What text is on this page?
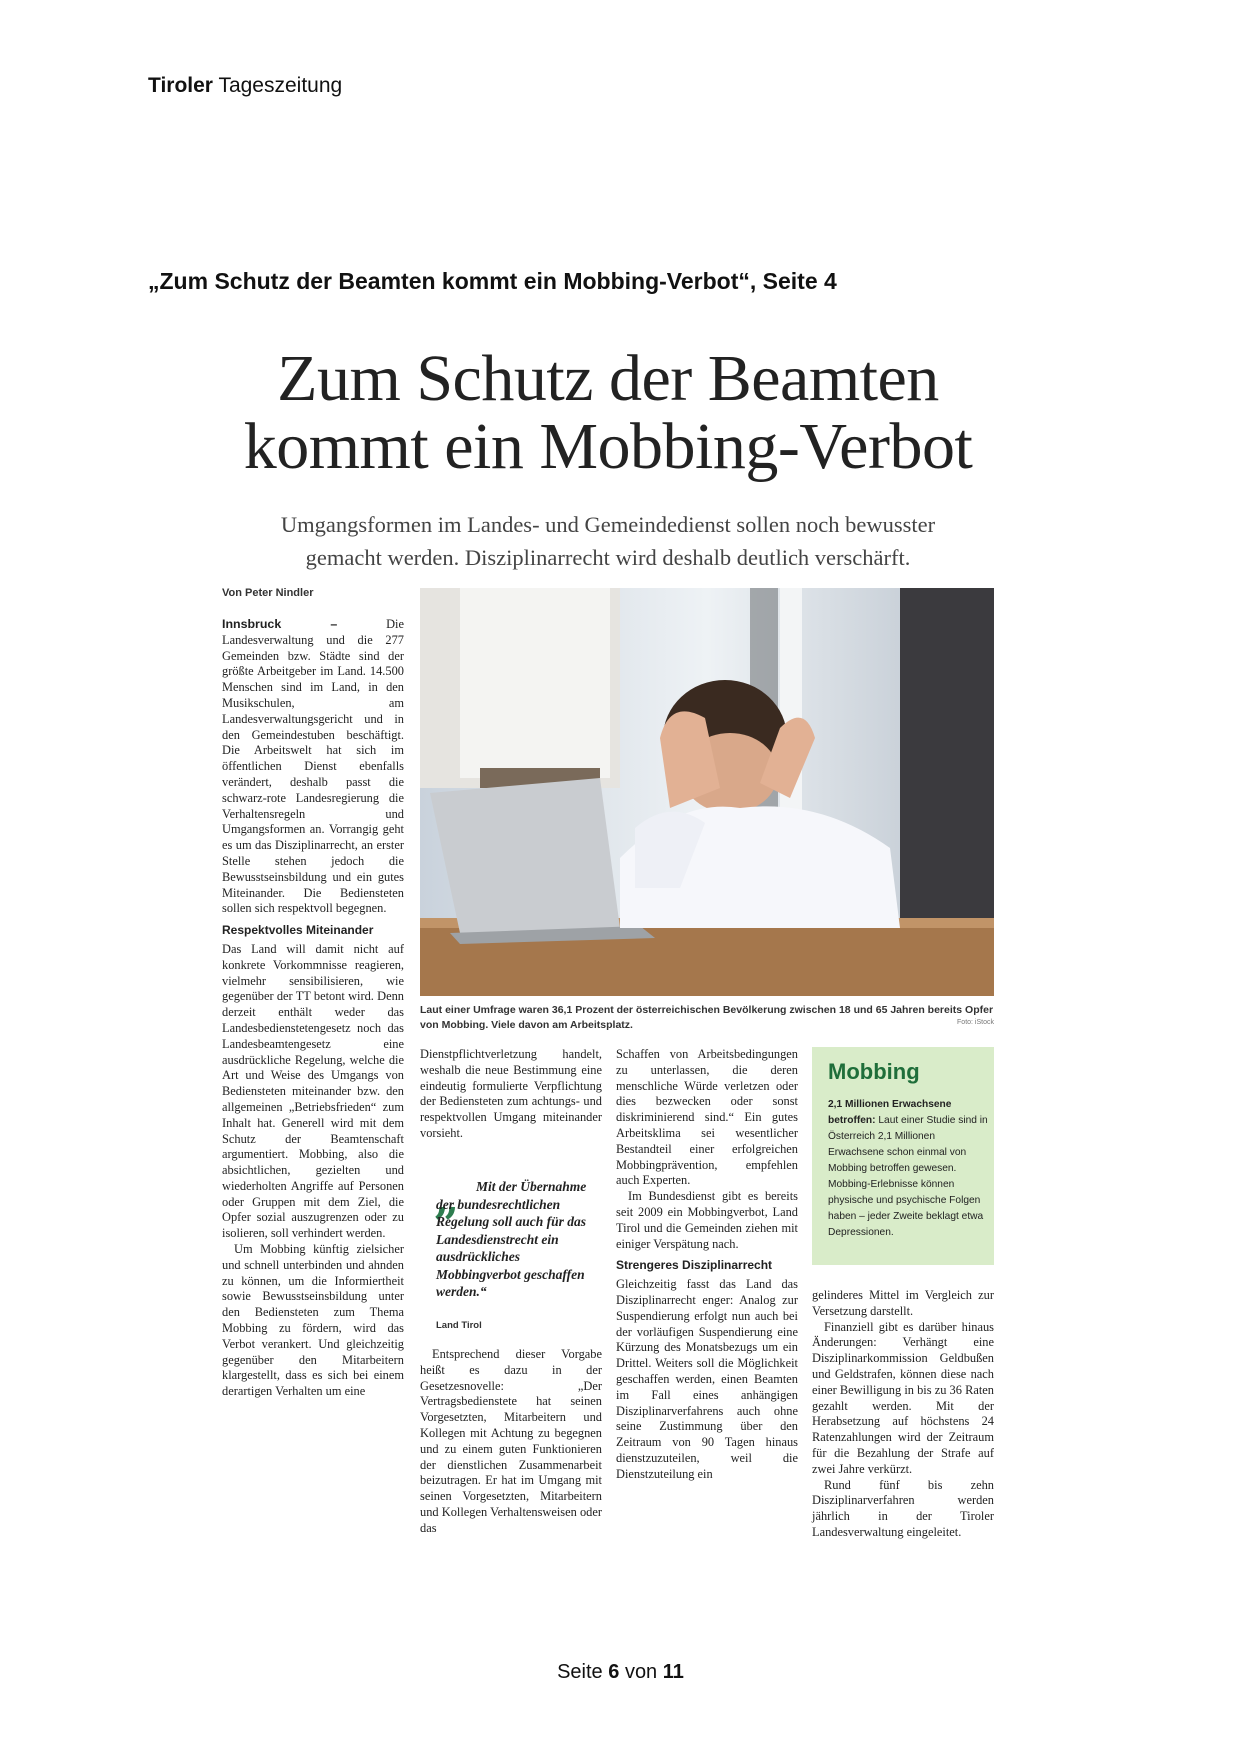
Tiroler Tageszeitung
„Zum Schutz der Beamten kommt ein Mobbing-Verbot“, Seite 4
Zum Schutz der Beamten
kommt ein Mobbing-Verbot
Umgangsformen im Landes- und Gemeindedienst sollen noch bewusster
gemacht werden. Disziplinarrecht wird deshalb deutlich verschärft.
Von Peter Nindler

Innsbruck –	Die Landesverwaltung und die 277 Gemeinden bzw. Städte sind der größte Arbeitgeber im Land. 14.500 Menschen sind im Land, in den Musikschulen, am Landesverwaltungsgericht und in den Gemeindestuben beschäftigt. Die Arbeitswelt hat sich im öffentlichen Dienst ebenfalls verändert, deshalb passt die schwarz-rote Landesregierung die Verhaltensregeln und Umgangsformen an. Vorrangig geht es um das Disziplinarrecht, an erster Stelle stehen jedoch die Bewusstseinsbildung und ein gutes Miteinander. Die Bediensteten sollen sich respektvoll begegnen.

Respektvolles Miteinander

Das Land will damit nicht auf konkrete Vorkommnisse reagieren, vielmehr sensibilisieren, wie gegenüber der TT betont wird. Denn derzeit enthält weder das Landesbedienstetengesetz noch das Landesbeamtengesetz eine ausdrückliche Regelung, welche die Art und Weise des Umgangs von Bediensteten miteinander bzw. den allgemeinen „Betriebsfrieden“ zum Inhalt hat. Generell wird mit dem Schutz der Beamtenschaft argumentiert. Mobbing, also die absichtlichen, gezielten und wiederholten Angriffe auf Personen oder Gruppen mit dem Ziel, die Opfer sozial auszugrenzen oder zu isolieren, soll verhindert werden.

Um Mobbing künftig zielsicher und schnell unterbinden und ahnden zu können, um die Informiertheit sowie Bewusstseinsbildung unter den Bediensteten zum Thema Mobbing zu fördern, wird das Verbot verankert. Und gleichzeitig gegenüber den Mitarbeitern klargestellt, dass es sich bei einem derartigen Verhalten um eine

Laut einer Umfrage waren 36,1 Prozent der österreichischen Bevölkerung zwischen 18 und 65 Jahren bereits Opfer von Mobbing. Viele davon am Arbeitsplatz.	Foto: iStock

Dienstpflichtverletzung handelt, weshalb die neue Bestimmung eine eindeutig formulierte Verpflichtung der Bediensteten zum achtungs- und respektvollen Umgang miteinander vorsieht.

„	Mit der Übernahme der bundesrechtlichen Regelung soll auch für das Landesdienstrecht ein ausdrückliches Mobbingverbot geschaffen werden.“
Land Tirol

Entsprechend dieser Vorgabe heißt es dazu in der Gesetzesnovelle: „Der Vertragsbedienstete hat seinen Vorgesetzten, Mitarbeitern und Kollegen mit Achtung zu begegnen und zu einem guten Funktionieren der dienstlichen Zusammenarbeit beizutragen. Er hat im Umgang mit seinen Vorgesetzten, Mitarbeitern und Kollegen Verhaltensweisen oder das

Schaffen von Arbeitsbedingungen zu unterlassen, die deren menschliche Würde verletzen oder dies bezwecken oder sonst diskriminierend sind.“ Ein gutes Arbeitsklima sei wesentlicher Bestandteil einer erfolgreichen Mobbingprävention, empfehlen auch Experten.

Im Bundesdienst gibt es bereits seit 2009 ein Mobbingverbot, Land Tirol und die Gemeinden ziehen mit einiger Verspätung nach.

Strengeres Disziplinarrecht

Gleichzeitig fasst das Land das Disziplinarrecht enger: Analog zur Suspendierung erfolgt nun auch bei der vorläufigen Suspendierung eine Kürzung des Monatsbezugs um ein Drittel. Weiters soll die Möglichkeit geschaffen werden, einen Beamten im Fall eines anhängigen Disziplinarverfahrens auch ohne seine Zustimmung über den Zeitraum von 90 Tagen hinaus dienstzuzuteilen, weil die Dienstzuteilung ein

Mobbing
2,1 Millionen Erwachsene betroffen: Laut einer Studie sind in Österreich 2,1 Millionen Erwachsene schon einmal von Mobbing betroffen gewesen. Mobbing-Erlebnisse können physische und psychische Folgen haben – jeder Zweite beklagt etwa Depressionen.

gelinderes Mittel im Vergleich zur Versetzung darstellt.

Finanziell gibt es darüber hinaus Änderungen: Verhängt eine Disziplinarkommission Geldbußen und Geldstrafen, können diese nach einer Bewilligung in bis zu 36 Raten gezahlt werden. Mit der Herabsetzung auf höchstens 24 Ratenzahlungen wird der Zeitraum für die Bezahlung der Strafe auf zwei Jahre verkürzt.

Rund fünf bis zehn Disziplinarverfahren werden jährlich in der Tiroler Landesverwaltung eingeleitet.

Seite 6 von 11
